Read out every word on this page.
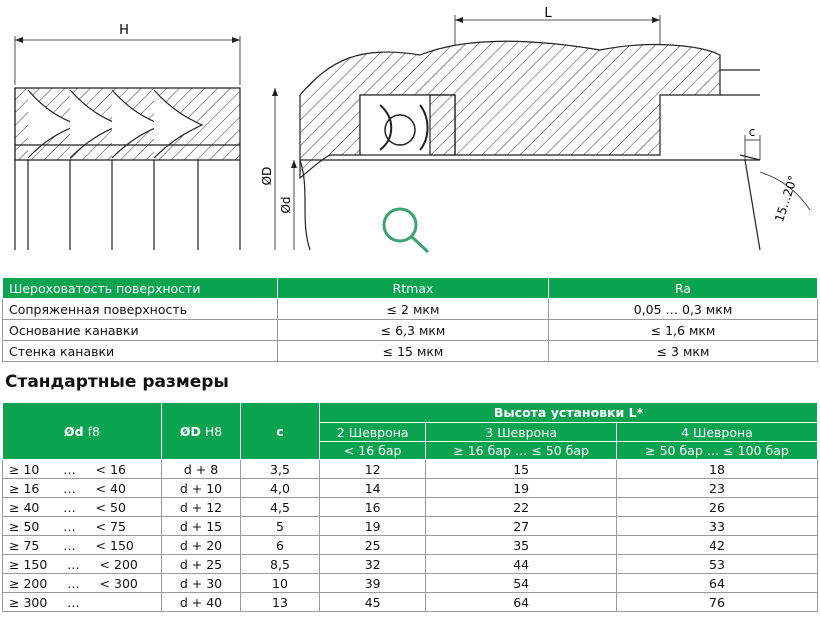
H
L
ØD
Ød
c
15...20°
Шероховатость поверхности	Rtmax	Ra
Сопряженная поверхность	≤ 2 мкм	0,05 … 0,3 мкм
Основание канавки	≤ 6,3 мкм	≤ 1,6 мкм
Стенка канавки	≤ 15 мкм	≤ 3 мкм
Стандартные размеры
Ød f8	ØD H8	c	Высота установки L*		
			2 Шеврона	3 Шеврона	4 Шеврона
			< 16 бар	≥ 16 бар … ≤ 50 бар	≥ 50 бар … ≤ 100 бар
≥ 10      …     < 16	d + 8	3,5	12	15	18
≥ 16      …     < 40	d + 10	4,0	14	19	23
≥ 40      …     < 50	d + 12	4,5	16	22	26
≥ 50      …     < 75	d + 15	5	19	27	33
≥ 75      …     < 150	d + 20	6	25	35	42
≥ 150     …     < 200	d + 25	8,5	32	44	53
≥ 200     …     < 300	d + 30	10	39	54	64
≥ 300     …	d + 40	13	45	64	76
